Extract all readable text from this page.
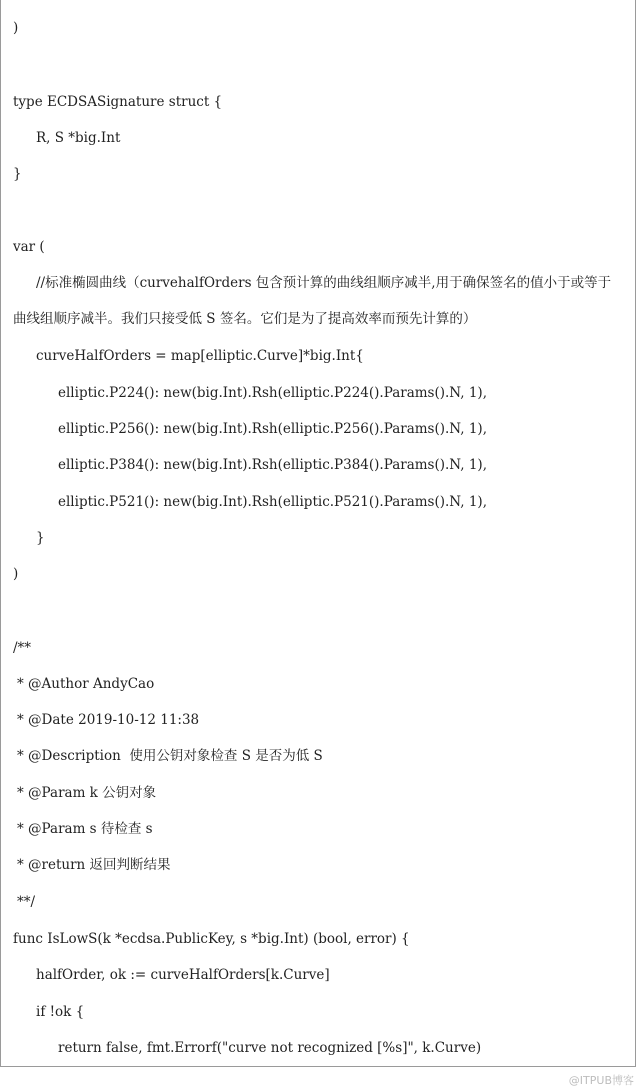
)
type ECDSASignature struct {
R, S *big.Int
}
var (
//标准椭圆曲线（curvehalfOrders 包含预计算的曲线组顺序减半,用于确保签名的值小于或等于
曲线组顺序减半。我们只接受低 S 签名。它们是为了提高效率而预先计算的）
curveHalfOrders = map[elliptic.Curve]*big.Int{
elliptic.P224(): new(big.Int).Rsh(elliptic.P224().Params().N, 1),
elliptic.P256(): new(big.Int).Rsh(elliptic.P256().Params().N, 1),
elliptic.P384(): new(big.Int).Rsh(elliptic.P384().Params().N, 1),
elliptic.P521(): new(big.Int).Rsh(elliptic.P521().Params().N, 1),
}
)
/**
* @Author AndyCao
* @Date 2019-10-12 11:38
* @Description  使用公钥对象检查 S 是否为低 S
* @Param k 公钥对象
* @Param s 待检查 s
* @return 返回判断结果
**/
func IsLowS(k *ecdsa.PublicKey, s *big.Int) (bool, error) {
halfOrder, ok := curveHalfOrders[k.Curve]
if !ok {
return false, fmt.Errorf("curve not recognized [%s]", k.Curve)
@ITPUB博客
